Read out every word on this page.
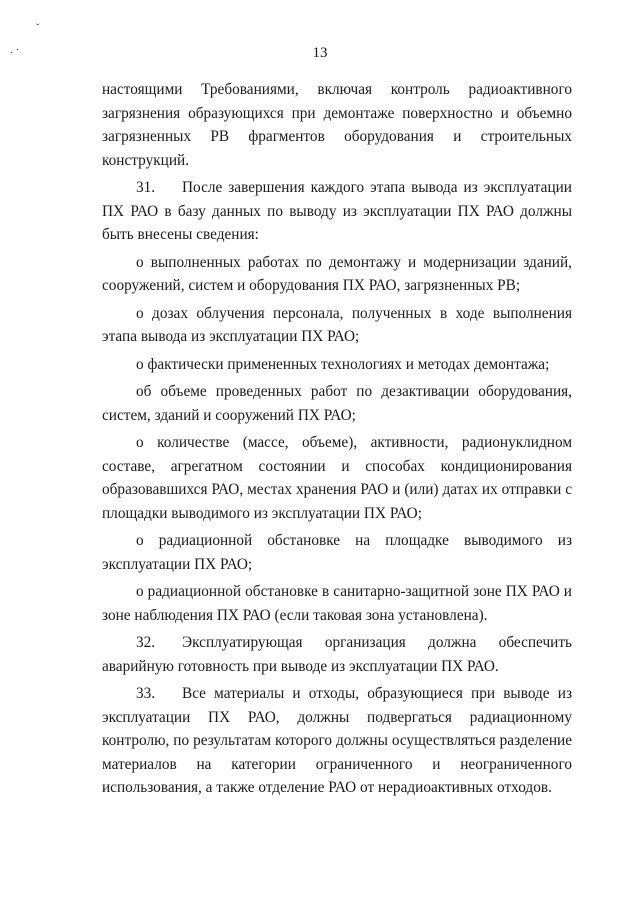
ˇ
. ·	13

настоящими Требованиями, включая контроль радиоактивного загрязнения образующихся при демонтаже поверхностно и объемно загрязненных РВ фрагментов оборудования и строительных конструкций.

31. После завершения каждого этапа вывода из эксплуатации ПХ РАО в базу данных по выводу из эксплуатации ПХ РАО должны быть внесены сведения:

о выполненных работах по демонтажу и модернизации зданий, сооружений, систем и оборудования ПХ РАО, загрязненных РВ;

о дозах облучения персонала, полученных в ходе выполнения этапа вывода из эксплуатации ПХ РАО;

о фактически примененных технологиях и методах демонтажа;

об объеме проведенных работ по дезактивации оборудования, систем, зданий и сооружений ПХ РАО;

о количестве (массе, объеме), активности, радионуклидном составе, агрегатном состоянии и способах кондиционирования образовавшихся РАО, местах хранения РАО и (или) датах их отправки с площадки выводимого из эксплуатации ПХ РАО;

о радиационной обстановке на площадке выводимого из эксплуатации ПХ РАО;

о радиационной обстановке в санитарно-защитной зоне ПХ РАО и зоне наблюдения ПХ РАО (если таковая зона установлена).

32. Эксплуатирующая организация должна обеспечить аварийную готовность при выводе из эксплуатации ПХ РАО.

33. Все материалы и отходы, образующиеся при выводе из эксплуатации ПХ РАО, должны подвергаться радиационному контролю, по результатам которого должны осуществляться разделение материалов на категории ограниченного и неограниченного использования, а также отделение РАО от нерадиоактивных отходов.
